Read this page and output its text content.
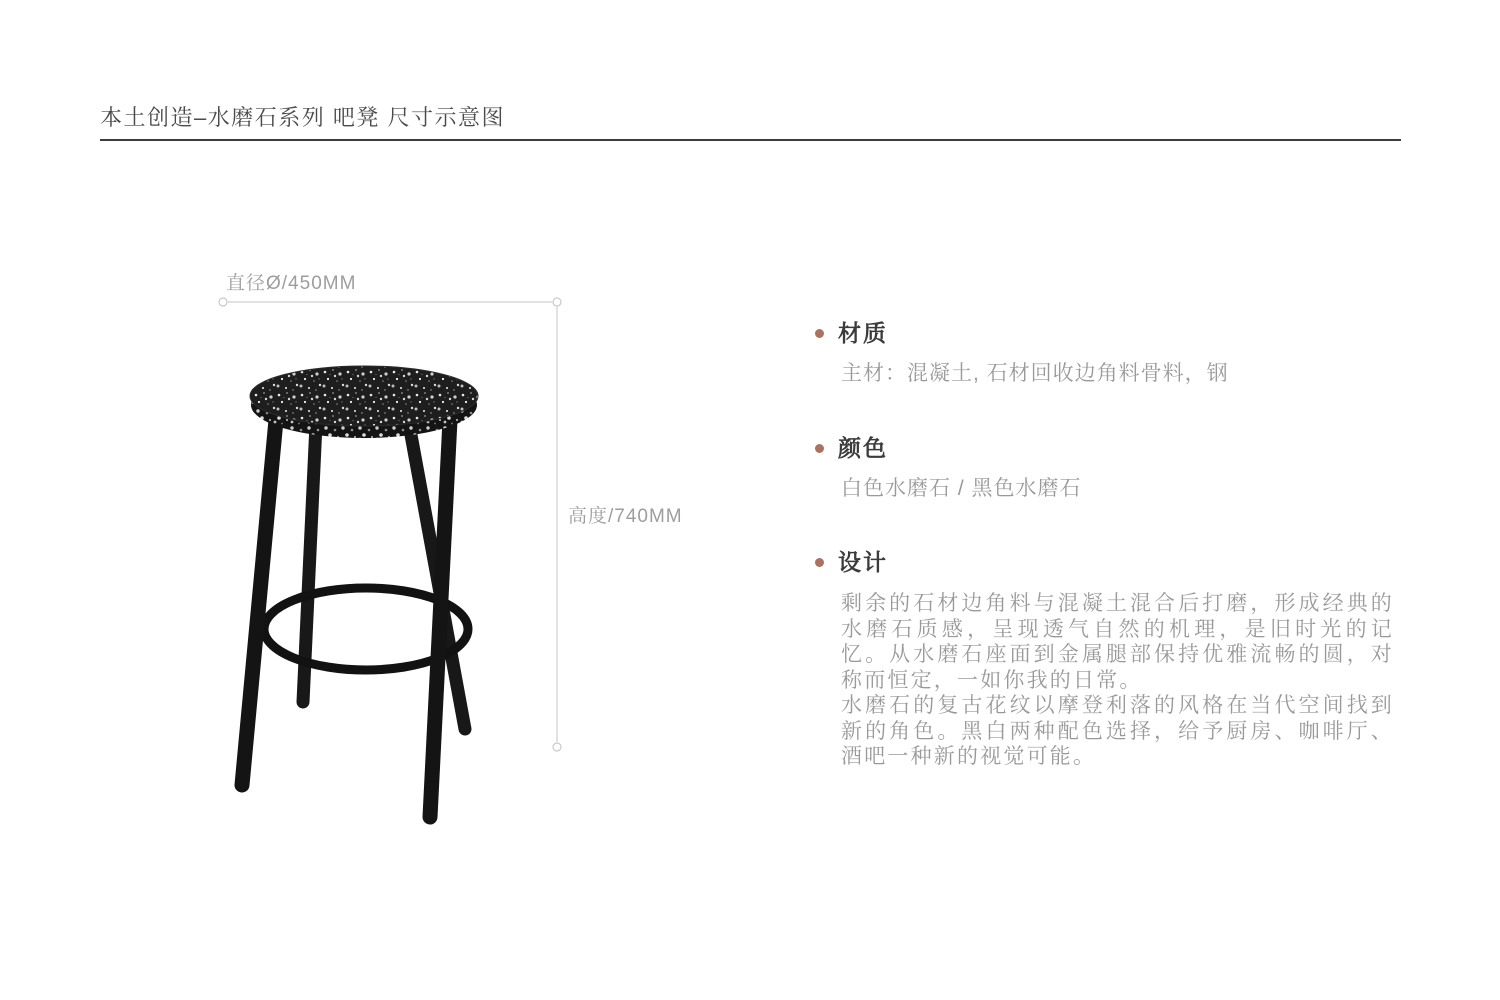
本土创造–水磨石系列 吧凳 尺寸示意图
直径Ø/450MM
高度/740MM
材质
主材：混凝土, 石材回收边角料骨料，钢
颜色
白色水磨石 / 黑色水磨石
设计

剩余的石材边角料与混凝土混合后打磨，形成经典的水磨石质感，呈现透气自然的机理，是旧时光的记忆。从水磨石座面到金属腿部保持优雅流畅的圆，对称而恒定，一如你我的日常。

水磨石的复古花纹以摩登利落的风格在当代空间找到新的角色。黑白两种配色选择，给予厨房、咖啡厅、酒吧一种新的视觉可能。
